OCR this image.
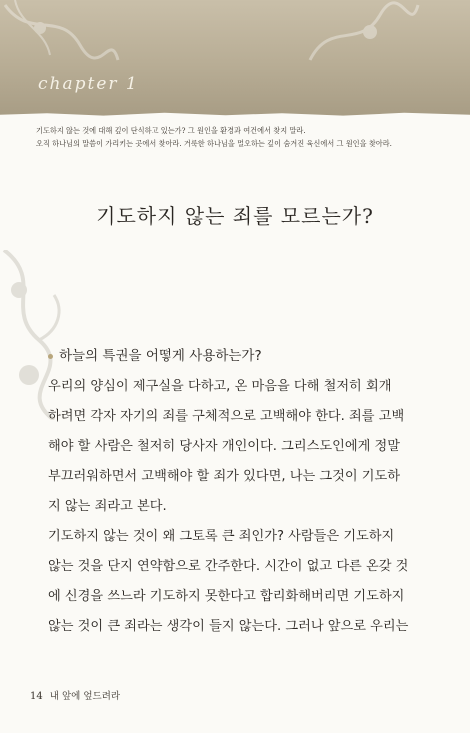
chapter 1

기도하지 않는 것에 대해 깊이 단식하고 있는가? 그 원인을 환경과 여건에서 찾지 말라.

오직 하나님의 말씀이 가리키는 곳에서 찾아라. 거룩한 하나님을 멀오하는 깊이 숨겨진 육신에서 그 원인을 찾아라.

기도하지 않는 죄를 모르는가?
하늘의 특권을 어떻게 사용하는가?
우리의 양심이 제구실을 다하고, 온 마음을 다해 철저히 회개
하려면 각자 자기의 죄를 구체적으로 고백해야 한다. 죄를 고백
해야 할 사람은 철저히 당사자 개인이다. 그리스도인에게 정말
부끄러워하면서 고백해야 할 죄가 있다면, 나는 그것이 기도하
지 않는 죄라고 본다.
기도하지 않는 것이 왜 그토록 큰 죄인가? 사람들은 기도하지
않는 것을 단지 연약함으로 간주한다. 시간이 없고 다른 온갖 것
에 신경을 쓰느라 기도하지 못한다고 합리화해버리면 기도하지
않는 것이 큰 죄라는 생각이 들지 않는다. 그러나 앞으로 우리는
14 내 앞에 엎드려라
